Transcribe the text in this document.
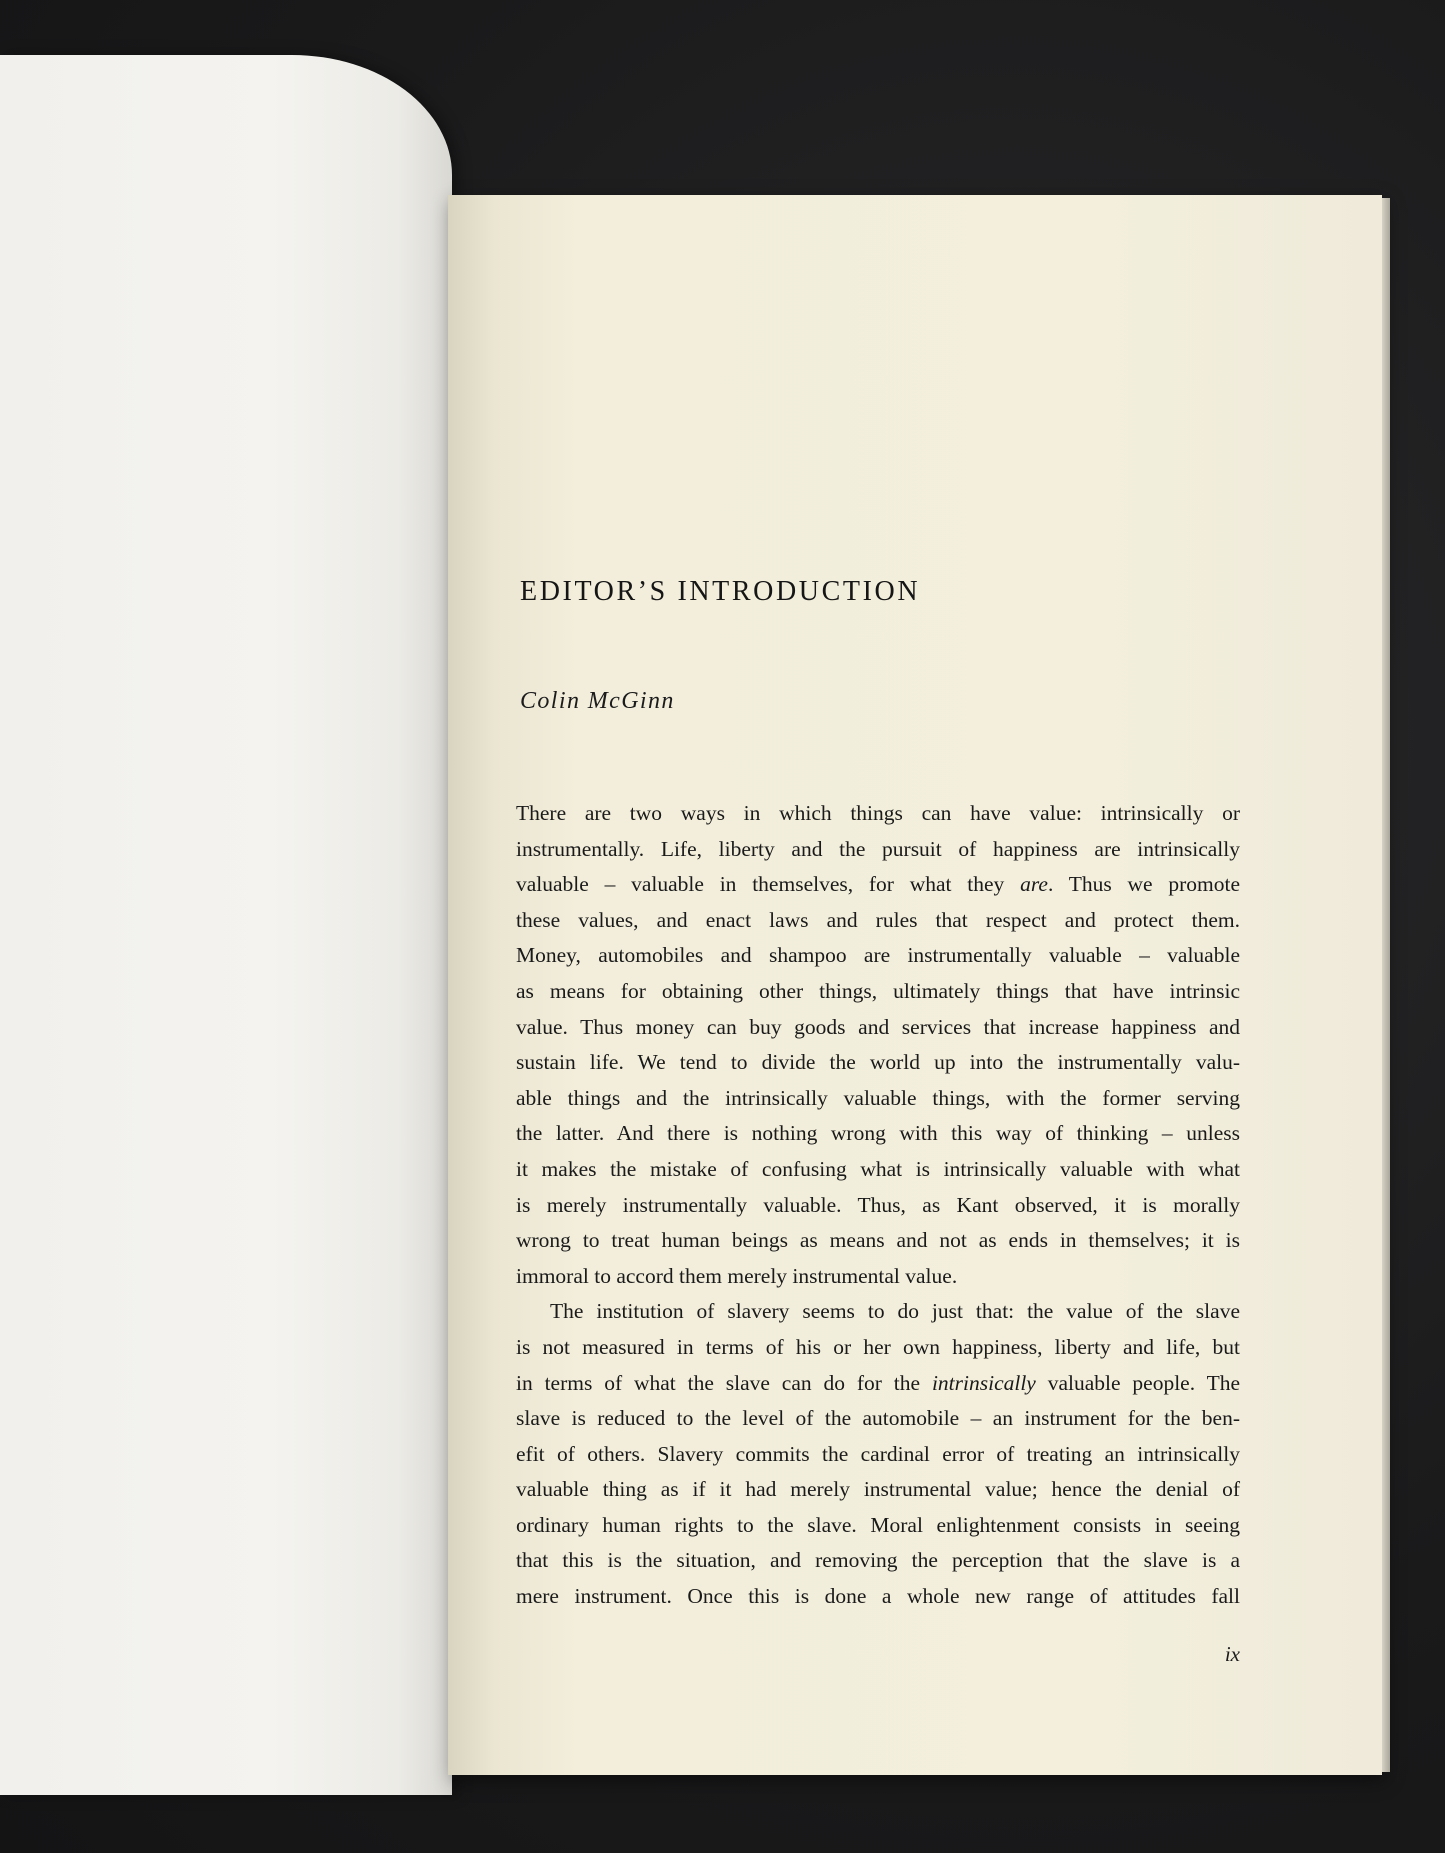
EDITOR’S INTRODUCTION
Colin McGinn
There are two ways in which things can have value: intrinsically or
instrumentally. Life, liberty and the pursuit of happiness are intrinsically
valuable – valuable in themselves, for what they are. Thus we promote
these values, and enact laws and rules that respect and protect them.
Money, automobiles and shampoo are instrumentally valuable – valuable
as means for obtaining other things, ultimately things that have intrinsic
value. Thus money can buy goods and services that increase happiness and
sustain life. We tend to divide the world up into the instrumentally valu-
able things and the intrinsically valuable things, with the former serving
the latter. And there is nothing wrong with this way of thinking – unless
it makes the mistake of confusing what is intrinsically valuable with what
is merely instrumentally valuable. Thus, as Kant observed, it is morally
wrong to treat human beings as means and not as ends in themselves; it is
immoral to accord them merely instrumental value.
The institution of slavery seems to do just that: the value of the slave
is not measured in terms of his or her own happiness, liberty and life, but
in terms of what the slave can do for the intrinsically valuable people. The
slave is reduced to the level of the automobile – an instrument for the ben-
efit of others. Slavery commits the cardinal error of treating an intrinsically
valuable thing as if it had merely instrumental value; hence the denial of
ordinary human rights to the slave. Moral enlightenment consists in seeing
that this is the situation, and removing the perception that the slave is a
mere instrument. Once this is done a whole new range of attitudes fall
ix
